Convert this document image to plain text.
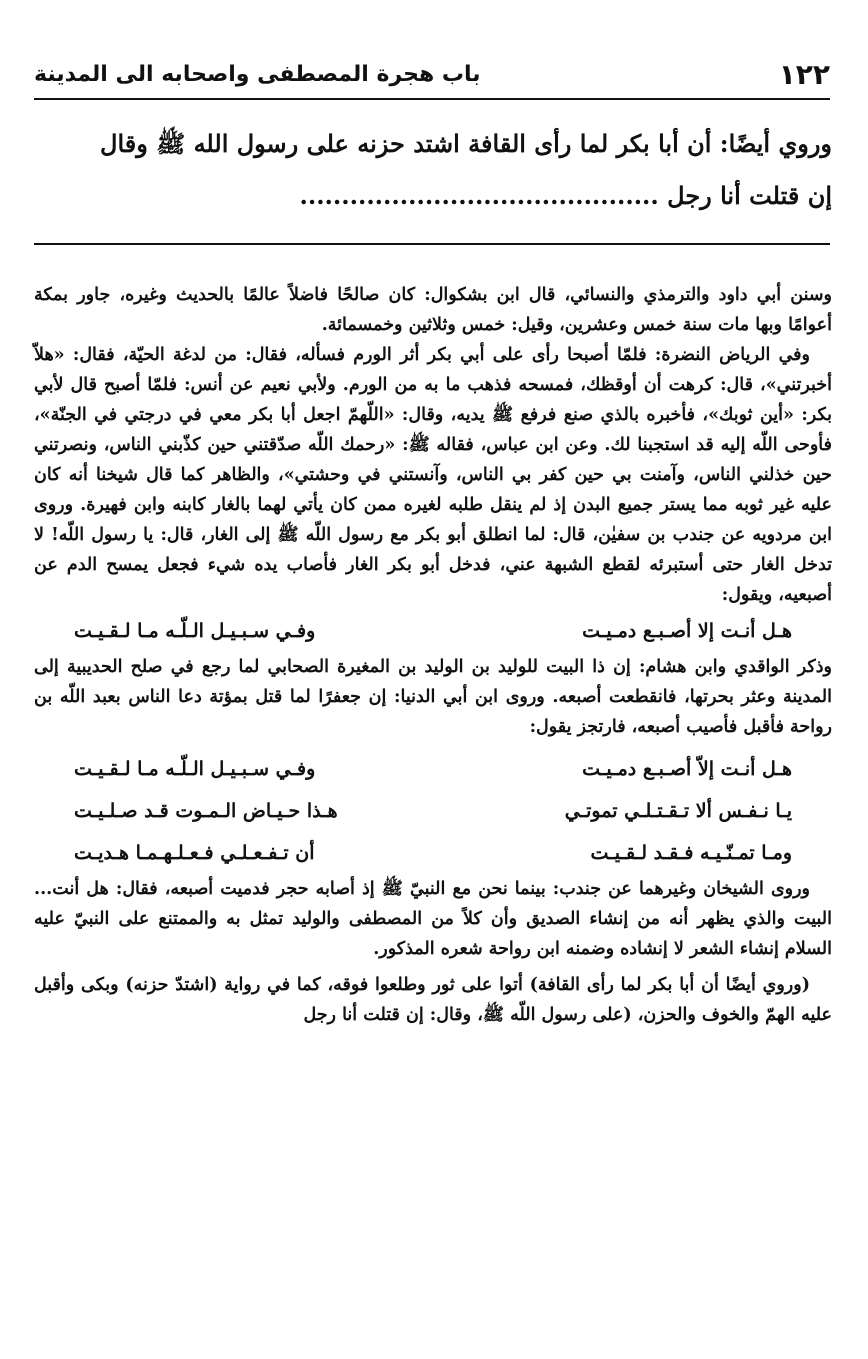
١٢٢
باب هجرة المصطفى واصحابه الى المدينة
وروي أيضًا: أن أبا بكر لما رأى القافة اشتد حزنه على رسول الله ﷺ وقال
إن قتلت أنا رجل ...........................................

وسنن أبي داود والترمذي والنسائي، قال ابن بشكوال: كان صالحًا فاضلاً عالمًا بالحديث وغيره، جاور بمكة أعوامًا وبها مات سنة خمس وعشرين، وقيل: خمس وثلاثين وخمسمائة.

وفي الرياض النضرة: فلمّا أصبحا رأى على أبي بكر أثر الورم فسأله، فقال: من لدغة الحيّة، فقال: «هلاّ أخبرتني»، قال: كرهت أن أوقظك، فمسحه فذهب ما به من الورم. ولأبي نعيم عن أنس: فلمّا أصبح قال لأبي بكر: «أين ثوبك»، فأخبره بالذي صنع فرفع ﷺ يديه، وقال: «اللّهمّ اجعل أبا بكر معي في درجتي في الجنّة»، فأوحى اللّه إليه قد استجبنا لك. وعن ابن عباس، فقاله ﷺ: «رحمك اللّه صدّقتني حين كذّبني الناس، ونصرتني حين خذلني الناس، وآمنت بي حين كفر بي الناس، وآنستني في وحشتي»، والظاهر كما قال شيخنا أنه كان عليه غير ثوبه مما يستر جميع البدن إذ لم ينقل طلبه لغيره ممن كان يأتي لهما بالغار كابنه وابن فهيرة. وروى ابن مردويه عن جندب بن سفيٰن، قال: لما انطلق أبو بكر مع رسول اللّه ﷺ إلى الغار، قال: يا رسول اللّه! لا تدخل الغار حتى أستبرئه لقطع الشبهة عني، فدخل أبو بكر الغار فأصاب يده شيء فجعل يمسح الدم عن أصبعيه، ويقول:

هـل أنـت إلا أصـبـع دمـيـت
وفـي سـبـيـل الـلّـه مـا لـقـيـت

وذكر الواقدي وابن هشام: إن ذا البيت للوليد بن الوليد بن المغيرة الصحابي لما رجع في صلح الحديبية إلى المدينة وعثر بحرتها، فانقطعت أصبعه. وروى ابن أبي الدنيا: إن جعفرًا لما قتل بمؤتة دعا الناس بعبد اللّه بن رواحة فأقبل فأصيب أصبعه، فارتجز يقول:

هـل أنـت إلاّ أصـبـع دمـيـت
وفـي سـبـيـل الـلّـه مـا لـقـيـت
يـا نـفـس ألا تـقـتـلـي تموتـي
هـذا حـيـاض الـمـوت قـد صـلـيـت
ومـا تمـنّـيـه فـقـد لـقـيـت
أن تـفـعـلـي فـعـلـهـمـا هـديـت

وروى الشيخان وغيرهما عن جندب: بينما نحن مع النبيّ ﷺ إذ أصابه حجر فدميت أصبعه، فقال: هل أنت... البيت والذي يظهر أنه من إنشاء الصديق وأن كلاً من المصطفى والوليد تمثل به والممتنع على النبيّ عليه السلام إنشاء الشعر لا إنشاده وضمنه ابن رواحة شعره المذكور.

(وروي أيضًا أن أبا بكر لما رأى القافة) أتوا على ثور وطلعوا فوقه، كما في رواية (اشتدّ حزنه) وبكى وأقبل عليه الهمّ والخوف والحزن، (على رسول اللّه ﷺ، وقال: إن قتلت أنا رجل
